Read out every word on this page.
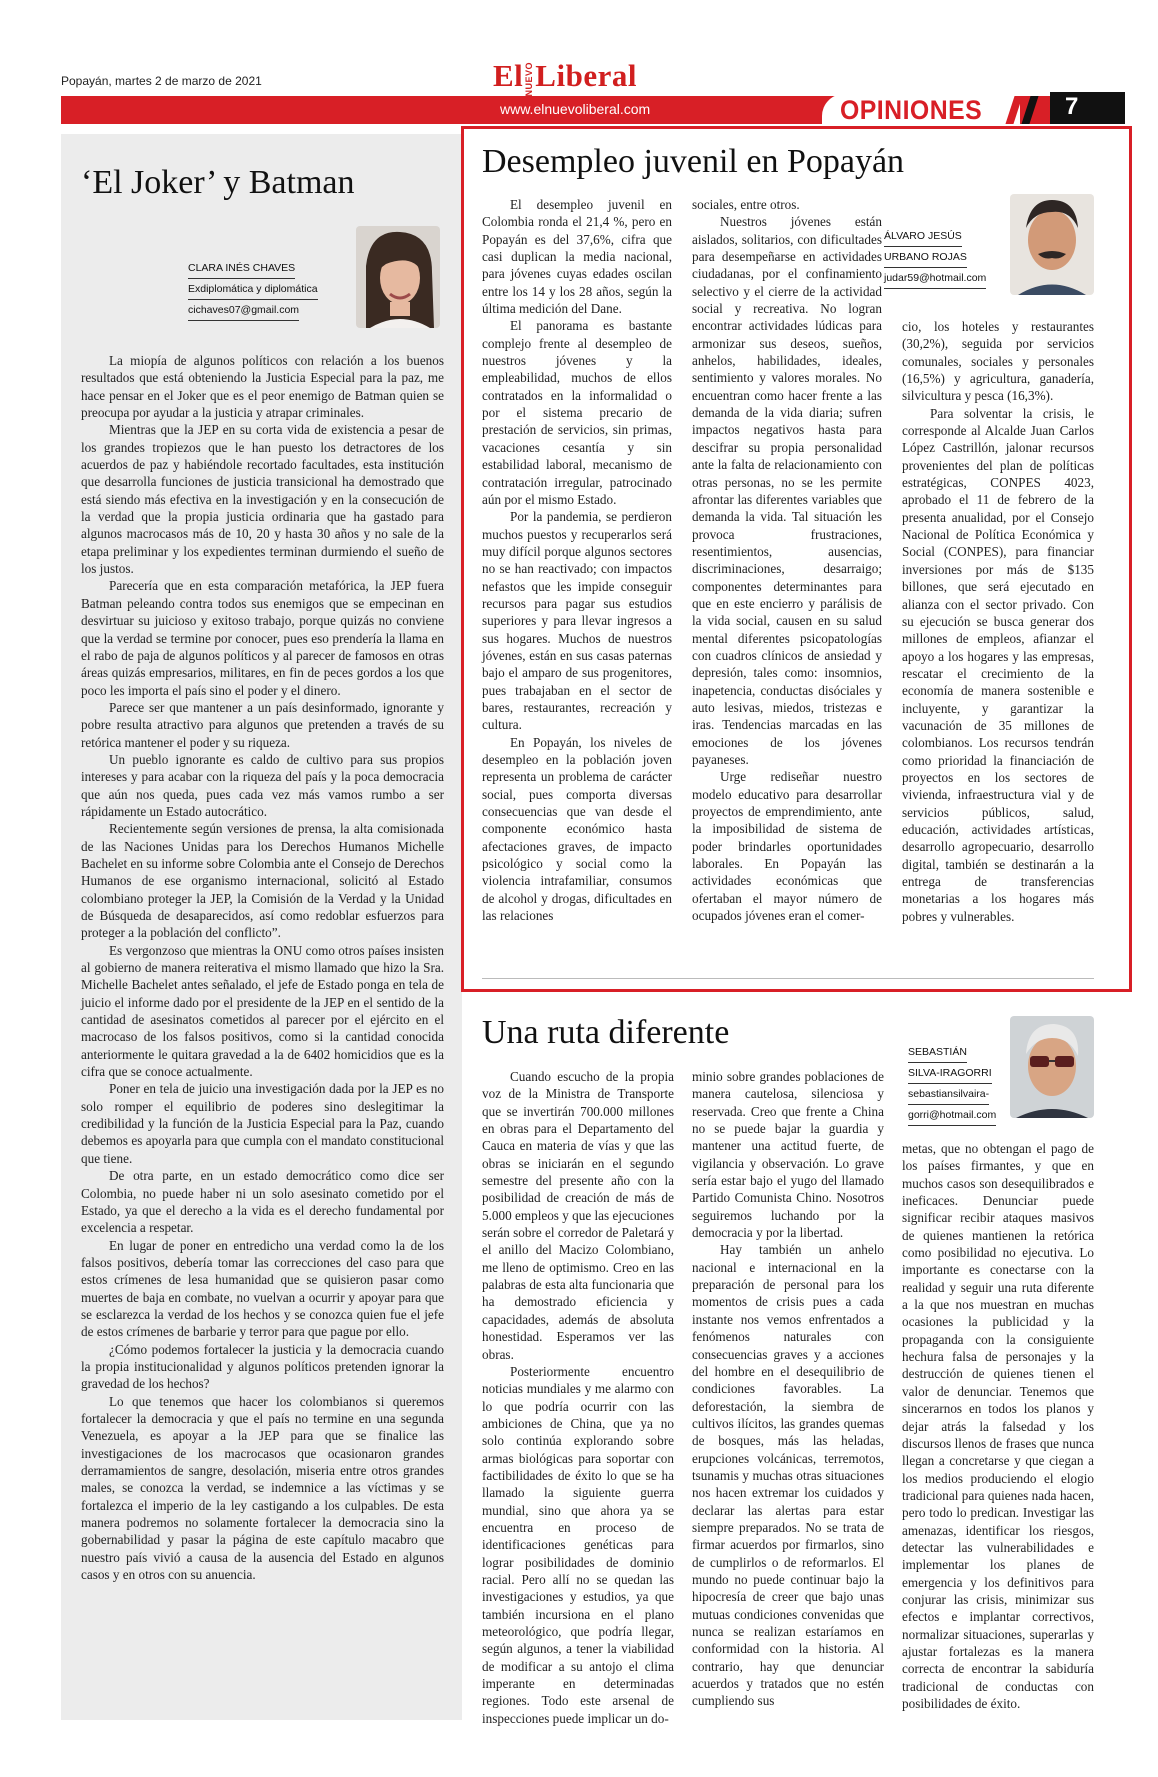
Popayán, martes 2 de marzo de 2021	ElNUEVOLiberal
www.elnuevoliberal.com	OPINIONES	7
‘El Joker’ y Batman
CLARA INÉS CHAVES
Exdiplomática y diplomática
cichaves07@gmail.com

La miopía de algunos políticos con relación a los buenos resultados que está obteniendo la Justicia Especial para la paz, me hace pensar en el Joker que es el peor enemigo de Batman quien se preocupa por ayudar a la justicia y atrapar criminales.

Mientras que la JEP en su corta vida de existencia a pesar de los grandes tropiezos que le han puesto los detractores de los acuerdos de paz y habiéndole recortado facultades, esta institución que desarrolla funciones de justicia transicional ha demostrado que está siendo más efectiva en la investigación y en la consecución de la verdad que la propia justicia ordinaria que ha gastado para algunos macrocasos más de 10, 20 y hasta 30 años y no sale de la etapa preliminar y los expedientes terminan durmiendo el sueño de los justos.

Parecería que en esta comparación metafórica, la JEP fuera Batman peleando contra todos sus enemigos que se empecinan en desvirtuar su juicioso y exitoso trabajo, porque quizás no conviene que la verdad se termine por conocer, pues eso prendería la llama en el rabo de paja de algunos políticos y al parecer de famosos en otras áreas quizás empresarios, militares, en fin de peces gordos a los que poco les importa el país sino el poder y el dinero.

Parece ser que mantener a un país desinformado, ignorante y pobre resulta atractivo para algunos que pretenden a través de su retórica mantener el poder y su riqueza.

Un pueblo ignorante es caldo de cultivo para sus propios intereses y para acabar con la riqueza del país y la poca democracia que aún nos queda, pues cada vez más vamos rumbo a ser rápidamente un Estado autocrático.

Recientemente según versiones de prensa, la alta comisionada de las Naciones Unidas para los Derechos Humanos Michelle Bachelet en su informe sobre Colombia ante el Consejo de Derechos Humanos de ese organismo internacional, solicitó al Estado colombiano proteger la JEP, la Comisión de la Verdad y la Unidad de Búsqueda de desaparecidos, así como redoblar esfuerzos para proteger a la población del conflicto”.

Es vergonzoso que mientras la ONU como otros países insisten al gobierno de manera reiterativa el mismo llamado que hizo la Sra. Michelle Bachelet antes señalado, el jefe de Estado ponga en tela de juicio el informe dado por el presidente de la JEP en el sentido de la cantidad de asesinatos cometidos al parecer por el ejército en el macrocaso de los falsos positivos, como si la cantidad conocida anteriormente le quitara gravedad a la de 6402 homicidios que es la cifra que se conoce actualmente.

Poner en tela de juicio una investigación dada por la JEP es no solo romper el equilibrio de poderes sino deslegitimar la credibilidad y la función de la Justicia Especial para la Paz, cuando debemos es apoyarla para que cumpla con el mandato constitucional que tiene.

De otra parte, en un estado democrático como dice ser Colombia, no puede haber ni un solo asesinato cometido por el Estado, ya que el derecho a la vida es el derecho fundamental por excelencia a respetar.

En lugar de poner en entredicho una verdad como la de los falsos positivos, debería tomar las correcciones del caso para que estos crímenes de lesa humanidad que se quisieron pasar como muertes de baja en combate, no vuelvan a ocurrir y apoyar para que se esclarezca la verdad de los hechos y se conozca quien fue el jefe de estos crímenes de barbarie y terror para que pague por ello.

¿Cómo podemos fortalecer la justicia y la democracia cuando la propia institucionalidad y algunos políticos pretenden ignorar la gravedad de los hechos?

Lo que tenemos que hacer los colombianos si queremos fortalecer la democracia y que el país no termine en una segunda Venezuela, es apoyar a la JEP para que se finalice las investigaciones de los macrocasos que ocasionaron grandes derramamientos de sangre, desolación, miseria entre otros grandes males, se conozca la verdad, se indemnice a las víctimas y se fortalezca el imperio de la ley castigando a los culpables. De esta manera podremos no solamente fortalecer la democracia sino la gobernabilidad y pasar la página de este capítulo macabro que nuestro país vivió a causa de la ausencia del Estado en algunos casos y en otros con su anuencia.

Desempleo juvenil en Popayán
ÁLVARO JESÚS
URBANO ROJAS
judar59@hotmail.com

El desempleo juvenil en Colombia ronda el 21,4 %, pero en Popayán es del 37,6%, cifra que casi duplican la media nacional, para jóvenes cuyas edades oscilan entre los 14 y los 28 años, según la última medición del Dane.

El panorama es bastante complejo frente al desempleo de nuestros jóvenes y la empleabilidad, muchos de ellos contratados en la informalidad o por el sistema precario de prestación de servicios, sin primas, vacaciones cesantía y sin estabilidad laboral, mecanismo de contratación irregular, patrocinado aún por el mismo Estado.

Por la pandemia, se perdieron muchos puestos y recuperarlos será muy difícil porque algunos sectores no se han reactivado; con impactos nefastos que les impide conseguir recursos para pagar sus estudios superiores y para llevar ingresos a sus hogares. Muchos de nuestros jóvenes, están en sus casas paternas bajo el amparo de sus progenitores, pues trabajaban en el sector de bares, restaurantes, recreación y cultura.

En Popayán, los niveles de desempleo en la población joven representa un problema de carácter social, pues comporta diversas consecuencias que van desde el componente económico hasta afectaciones graves, de impacto psicológico y social como la violencia intrafamiliar, consumos de alcohol y drogas, dificultades en las relaciones

sociales, entre otros.

Nuestros jóvenes están aislados, solitarios, con dificultades para desempeñarse en actividades ciudadanas, por el confinamiento selectivo y el cierre de la actividad social y recreativa. No logran encontrar actividades lúdicas para armonizar sus deseos, sueños, anhelos, habilidades, ideales, sentimiento y valores morales. No encuentran como hacer frente a las demanda de la vida diaria; sufren impactos negativos hasta para descifrar su propia personalidad ante la falta de relacionamiento con otras personas, no se les permite afrontar las diferentes variables que demanda la vida. Tal situación les provoca frustraciones, resentimientos, ausencias, discriminaciones, desarraigo; componentes determinantes para que en este encierro y parálisis de la vida social, causen en su salud mental diferentes psicopatologías con cuadros clínicos de ansiedad y depresión, tales como: insomnios, inapetencia, conductas disóciales y auto lesivas, miedos, tristezas e iras. Tendencias marcadas en las emociones de los jóvenes payaneses.

Urge rediseñar nuestro modelo educativo para desarrollar proyectos de emprendimiento, ante la imposibilidad de sistema de poder brindarles oportunidades laborales. En Popayán las actividades económicas que ofertaban el mayor número de ocupados jóvenes eran el comer-

cio, los hoteles y restaurantes (30,2%), seguida por servicios comunales, sociales y personales (16,5%) y agricultura, ganadería, silvicultura y pesca (16,3%).

Para solventar la crisis, le corresponde al Alcalde Juan Carlos López Castrillón, jalonar recursos provenientes del plan de políticas estratégicas, CONPES 4023, aprobado el 11 de febrero de la presenta anualidad, por el Consejo Nacional de Política Económica y Social (CONPES), para financiar inversiones por más de $135 billones, que será ejecutado en alianza con el sector privado. Con su ejecución se busca generar dos millones de empleos, afianzar el apoyo a los hogares y las empresas, rescatar el crecimiento de la economía de manera sostenible e incluyente, y garantizar la vacunación de 35 millones de colombianos. Los recursos tendrán como prioridad la financiación de proyectos en los sectores de vivienda, infraestructura vial y de servicios públicos, salud, educación, actividades artísticas, desarrollo agropecuario, desarrollo digital, también se destinarán a la entrega de transferencias monetarias a los hogares más pobres y vulnerables.

Una ruta diferente
SEBASTIÁN
SILVA-IRAGORRI
sebastiansilvaira-
gorri@hotmail.com

Cuando escucho de la propia voz de la Ministra de Transporte que se invertirán 700.000 millones en obras para el Departamento del Cauca en materia de vías y que las obras se iniciarán en el segundo semestre del presente año con la posibilidad de creación de más de 5.000 empleos y que las ejecuciones serán sobre el corredor de Paletará y el anillo del Macizo Colombiano, me lleno de optimismo. Creo en las palabras de esta alta funcionaria que ha demostrado eficiencia y capacidades, además de absoluta honestidad. Esperamos ver las obras.

Posteriormente encuentro noticias mundiales y me alarmo con lo que podría ocurrir con las ambiciones de China, que ya no solo continúa explorando sobre armas biológicas para soportar con factibilidades de éxito lo que se ha llamado la siguiente guerra mundial, sino que ahora ya se encuentra en proceso de identificaciones genéticas para lograr posibilidades de dominio racial. Pero allí no se quedan las investigaciones y estudios, ya que también incursiona en el plano meteorológico, que podría llegar, según algunos, a tener la viabilidad de modificar a su antojo el clima imperante en determinadas regiones. Todo este arsenal de inspecciones puede implicar un do-

minio sobre grandes poblaciones de manera cautelosa, silenciosa y reservada. Creo que frente a China no se puede bajar la guardia y mantener una actitud fuerte, de vigilancia y observación. Lo grave sería estar bajo el yugo del llamado Partido Comunista Chino. Nosotros seguiremos luchando por la democracia y por la libertad.

Hay también un anhelo nacional e internacional en la preparación de personal para los momentos de crisis pues a cada instante nos vemos enfrentados a fenómenos naturales con consecuencias graves y a acciones del hombre en el desequilibrio de condiciones favorables. La deforestación, la siembra de cultivos ilícitos, las grandes quemas de bosques, más las heladas, erupciones volcánicas, terremotos, tsunamis y muchas otras situaciones nos hacen extremar los cuidados y declarar las alertas para estar siempre preparados. No se trata de firmar acuerdos por firmarlos, sino de cumplirlos o de reformarlos. El mundo no puede continuar bajo la hipocresía de creer que bajo unas mutuas condiciones convenidas que nunca se realizan estaríamos en conformidad con la historia. Al contrario, hay que denunciar acuerdos y tratados que no estén cumpliendo sus

metas, que no obtengan el pago de los países firmantes, y que en muchos casos son desequilibrados e ineficaces. Denunciar puede significar recibir ataques masivos de quienes mantienen la retórica como posibilidad no ejecutiva. Lo importante es conectarse con la realidad y seguir una ruta diferente a la que nos muestran en muchas ocasiones la publicidad y la propaganda con la consiguiente hechura falsa de personajes y la destrucción de quienes tienen el valor de denunciar. Tenemos que sincerarnos en todos los planos y dejar atrás la falsedad y los discursos llenos de frases que nunca llegan a concretarse y que ciegan a los medios produciendo el elogio tradicional para quienes nada hacen, pero todo lo predican. Investigar las amenazas, identificar los riesgos, detectar las vulnerabilidades e implementar los planes de emergencia y los definitivos para conjurar las crisis, minimizar sus efectos e implantar correctivos, normalizar situaciones, superarlas y ajustar fortalezas es la manera correcta de encontrar la sabiduría tradicional de conductas con posibilidades de éxito.
